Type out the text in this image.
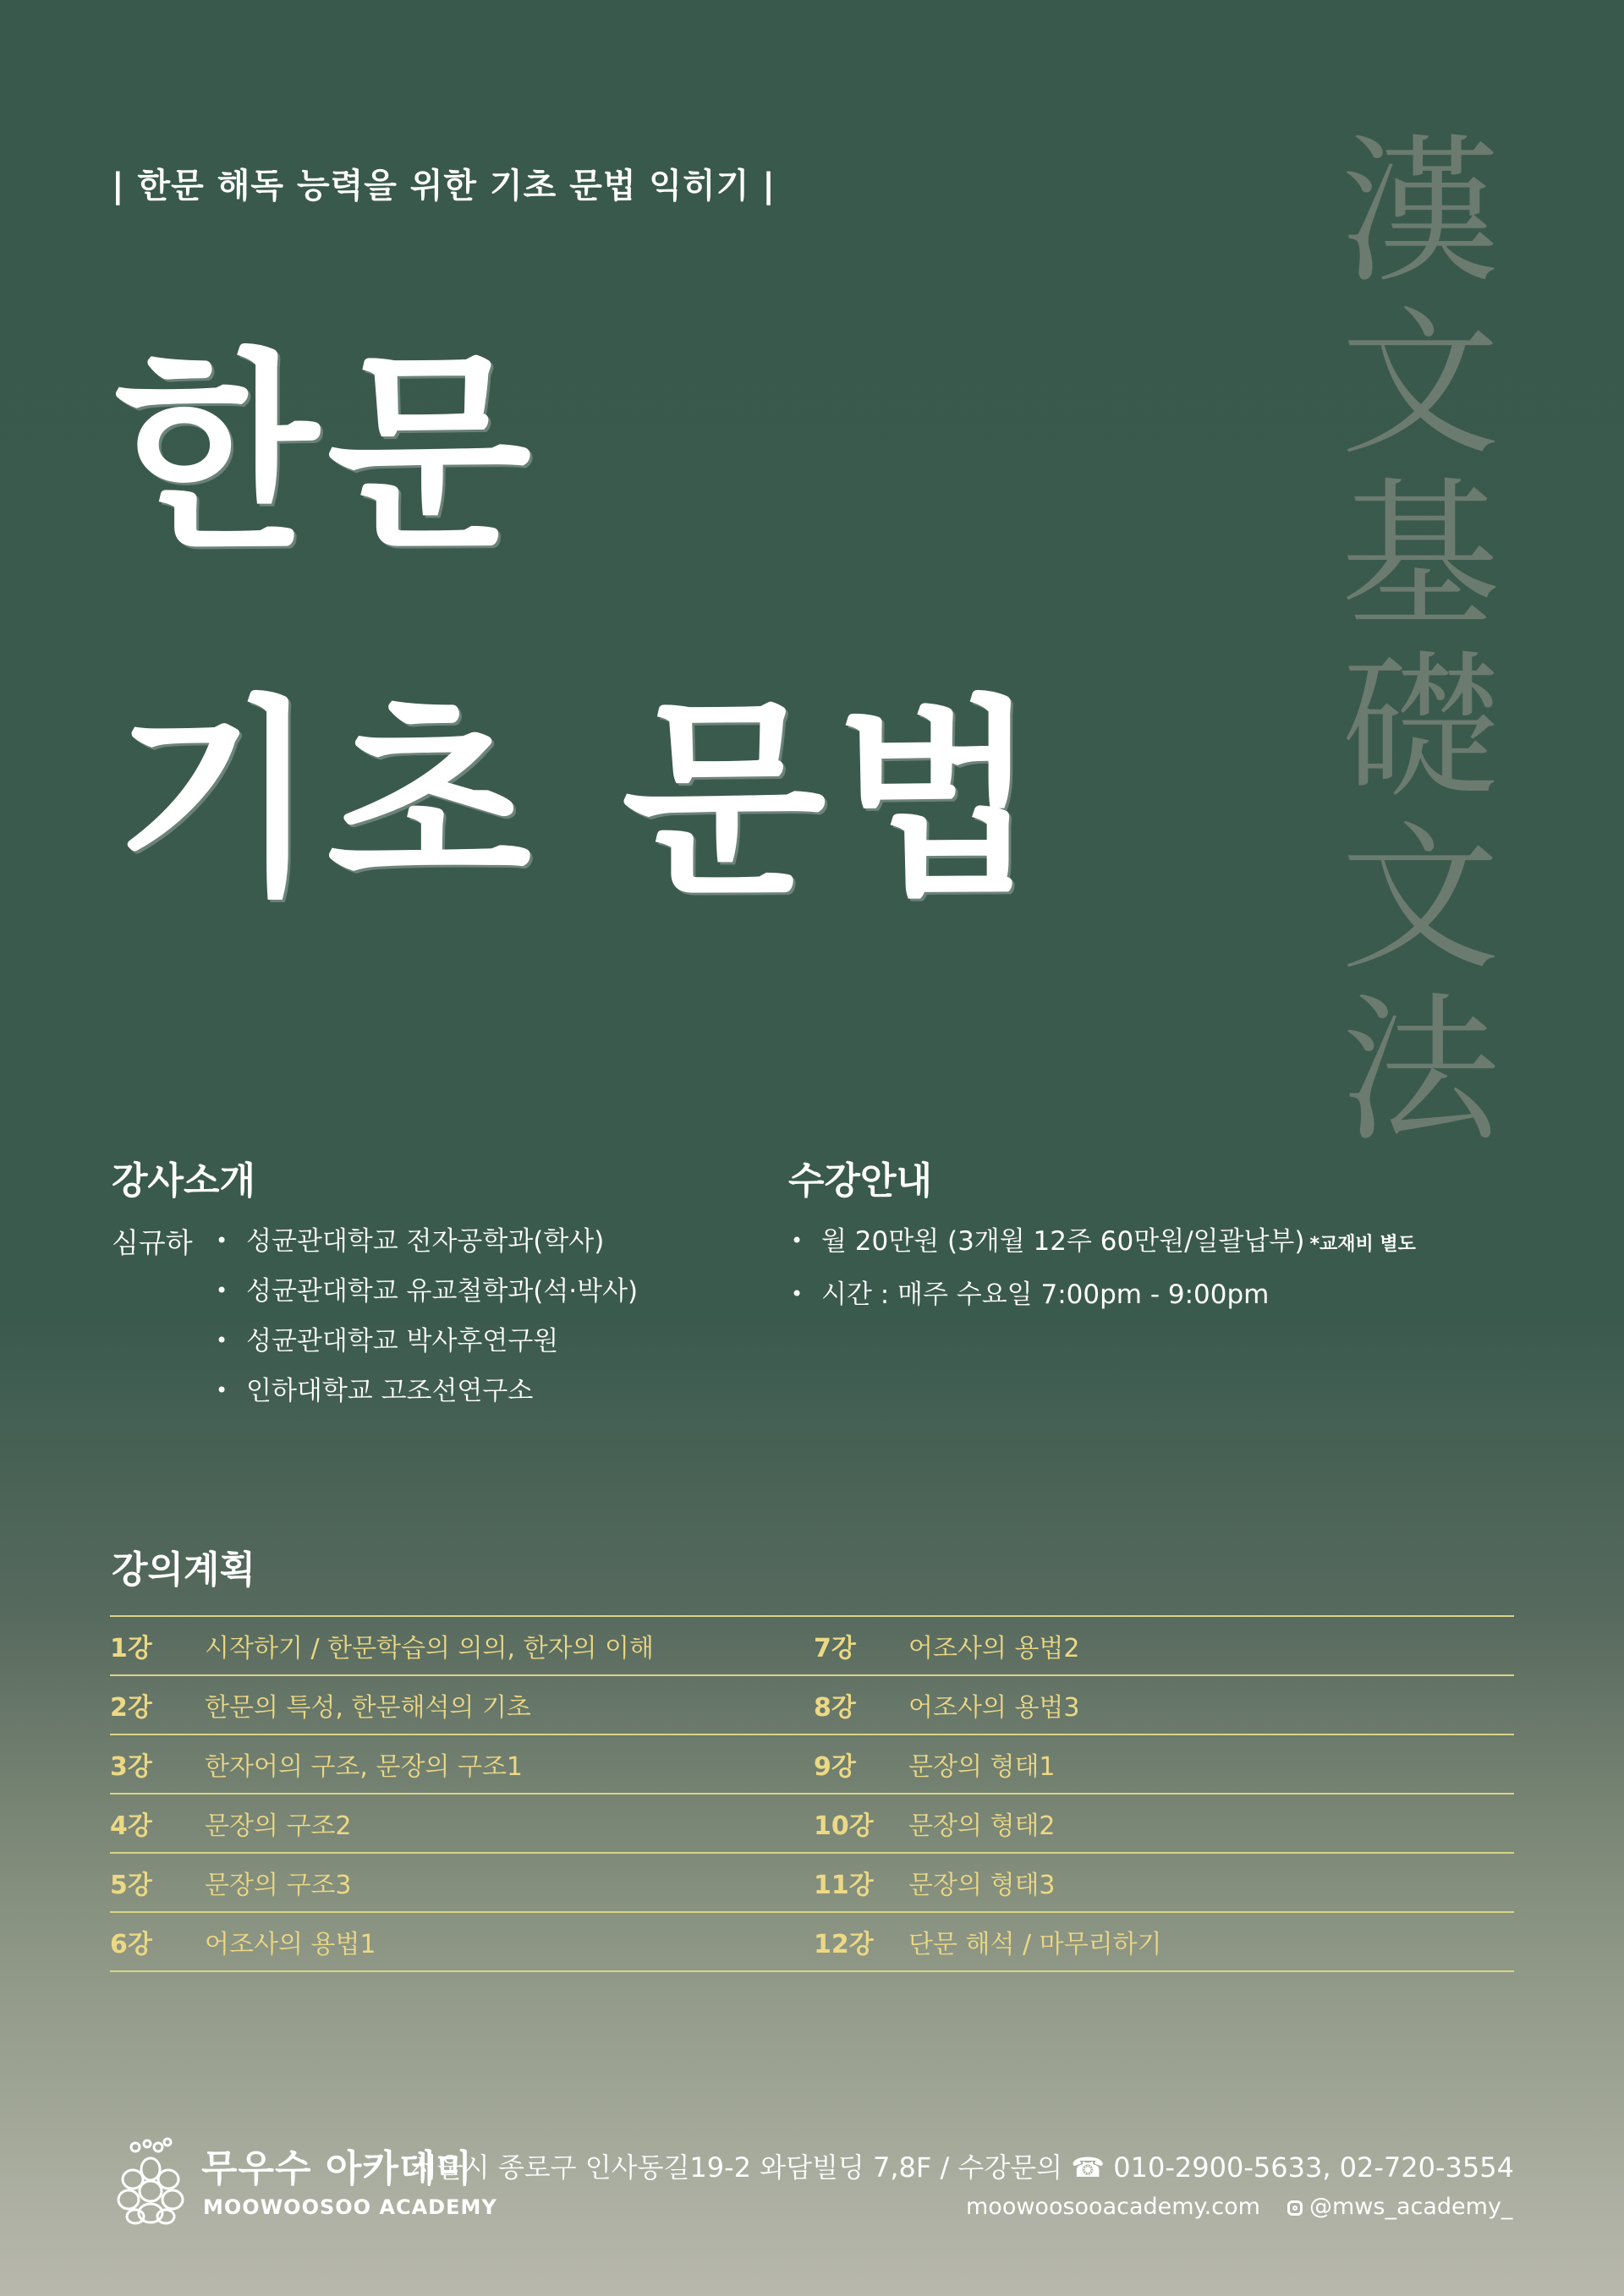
| 한문 해독 능력을 위한 기초 문법 익히기 |
한문
기초 문법
漢
文
基
礎
文
法
강사소개
심규하	• 성균관대학교 전자공학과(학사)
• 성균관대학교 유교철학과(석·박사)
• 성균관대학교 박사후연구원
• 인하대학교 고조선연구소
수강안내
• 월 20만원 (3개월 12주 60만원/일괄납부) *교재비 별도
• 시간 : 매주 수요일 7:00pm - 9:00pm
강의계획
1강	시작하기 / 한문학습의 의의, 한자의 이해	7강	어조사의 용법2
2강	한문의 특성, 한문해석의 기초	8강	어조사의 용법3
3강	한자어의 구조, 문장의 구조1	9강	문장의 형태1
4강	문장의 구조2	10강	문장의 형태2
5강	문장의 구조3	11강	문장의 형태3
6강	어조사의 용법1	12강	단문 해석 / 마무리하기
무우수 아카데미
MOOWOOSOO ACADEMY
서울시 종로구 인사동길19-2 와담빌딩 7,8F / 수강문의 ☎ 010-2900-5633, 02-720-3554
moowoosooacademy.com	@mws_academy_
